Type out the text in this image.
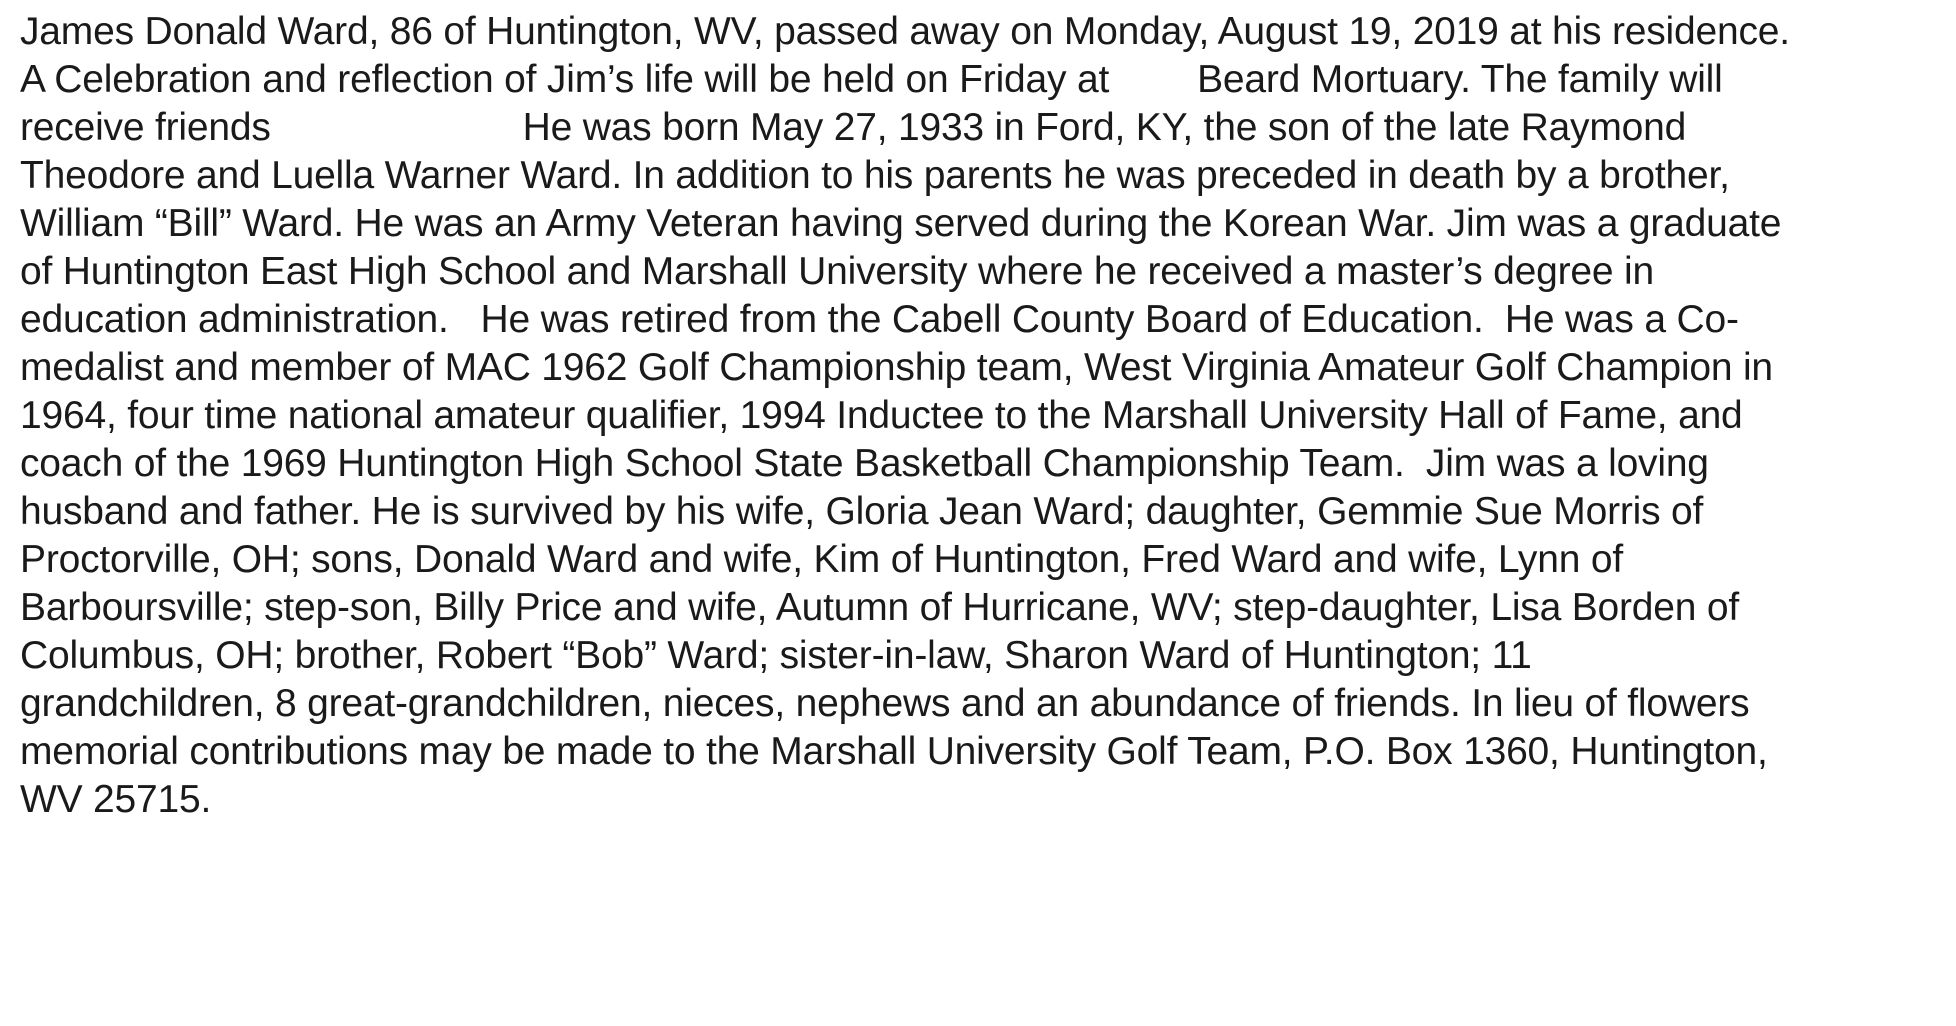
James Donald Ward, 86 of Huntington, WV, passed away on Monday, August 19, 2019 at his residence.
A Celebration and reflection of Jim’s life will be held on Friday at Beard Mortuary. The family will
receive friends	He was born May 27, 1933 in Ford, KY, the son of the late Raymond
Theodore and Luella Warner Ward. In addition to his parents he was preceded in death by a brother,
William “Bill” Ward. He was an Army Veteran having served during the Korean War. Jim was a graduate
of Huntington East High School and Marshall University where he received a master’s degree in
education administration.   He was retired from the Cabell County Board of Education.  He was a Co-
medalist and member of MAC 1962 Golf Championship team, West Virginia Amateur Golf Champion in
1964, four time national amateur qualifier, 1994 Inductee to the Marshall University Hall of Fame, and
coach of the 1969 Huntington High School State Basketball Championship Team.  Jim was a loving
husband and father. He is survived by his wife, Gloria Jean Ward; daughter, Gemmie Sue Morris of
Proctorville, OH; sons, Donald Ward and wife, Kim of Huntington, Fred Ward and wife, Lynn of
Barboursville; step-son, Billy Price and wife, Autumn of Hurricane, WV; step-daughter, Lisa Borden of
Columbus, OH; brother, Robert “Bob” Ward; sister-in-law, Sharon Ward of Huntington; 11
grandchildren, 8 great-grandchildren, nieces, nephews and an abundance of friends. In lieu of flowers
memorial contributions may be made to the Marshall University Golf Team, P.O. Box 1360, Huntington,
WV 25715.
